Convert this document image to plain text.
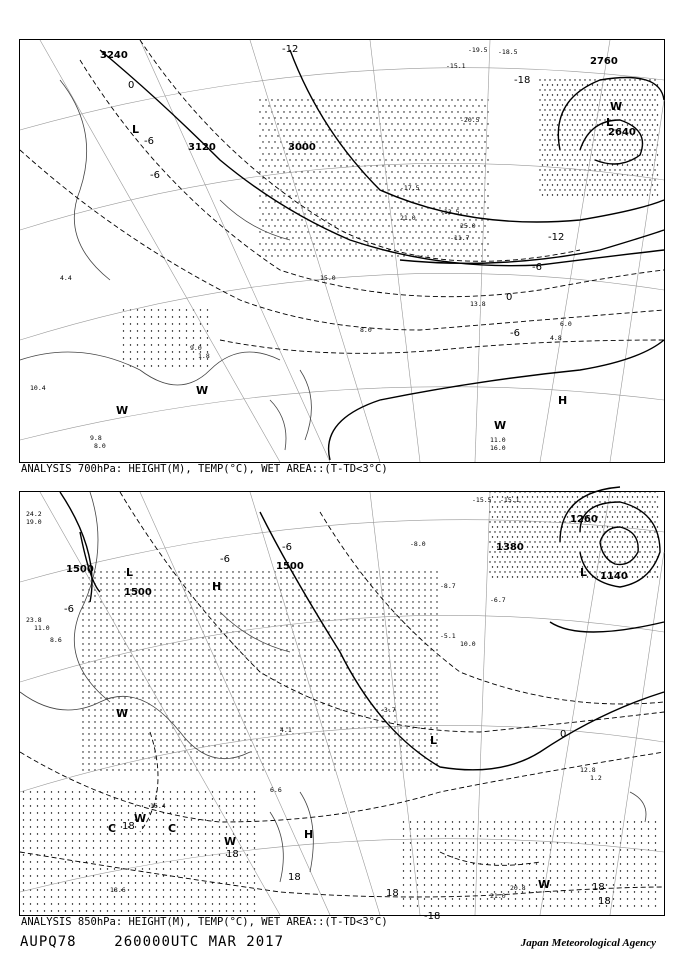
3240
3120	3000
2760
2640
-12
-18
-12
-6
0
-6
0
-6
-6
L
L
W
W
W
W
H
-19.5 -18.5
-15.1
-20.5
-13.5
-17.5
-11.7
25.0
13.8
6.0
4.8
9.0
1.8
8.0
11.0
16.0
9.8
8.0
10.4
4.4
21.0
15.0
ANALYSIS 700hPa: HEIGHT(M), TEMP(°C), WET AREA::(T-TD<3°C)
1500
1500
1500
1260
1380
1140
18
18
18
18
18
18
-18
0
-6
-6
-6
L
L
L
H
H
W
W
W
W
C	C
-15.5 -15.1
24.2
19.0
-8.0
-8.7
-6.7
-3.7
21.0
20.8
12.8
1.2
-5.1
10.0
8.6
16.4
6.6
4.1
23.8
11.0
18.6
ANALYSIS 850hPa: HEIGHT(M), TEMP(°C), WET AREA::(T-TD<3°C)
AUPQ78	260000UTC MAR 2017	Japan Meteorological Agency
